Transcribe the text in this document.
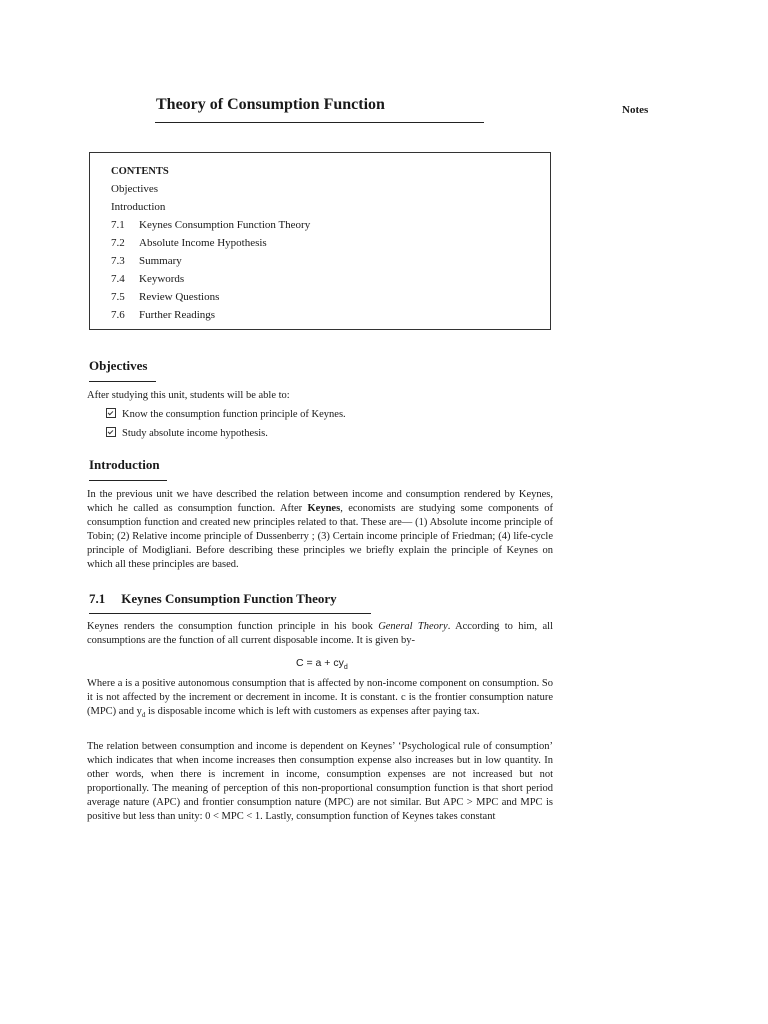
Theory of Consumption Function	Notes
CONTENTS
Objectives
Introduction
7.1 Keynes Consumption Function Theory
7.2 Absolute Income Hypothesis
7.3 Summary
7.4 Keywords
7.5 Review Questions
7.6 Further Readings
Objectives

After studying this unit, students will be able to:

Know the consumption function principle of Keynes.
Study absolute income hypothesis.
Introduction

In the previous unit we have described the relation between income and consumption rendered by Keynes, which he called as consumption function. After Keynes, economists are studying some components of consumption function and created new principles related to that. These are— (1) Absolute income principle of Tobin; (2) Relative income principle of Dussenberry ; (3) Certain income principle of Friedman; (4) life-cycle principle of Modigliani. Before describing these principles we briefly explain the principle of Keynes on which all these principles are based.

7.1 Keynes Consumption Function Theory

Keynes renders the consumption function principle in his book General Theory. According to him, all consumptions are the function of all current disposable income. It is given by-

$C = a + cy_d$

Where a is a positive autonomous consumption that is affected by non-income component on consumption. So it is not affected by the increment or decrement in income. It is constant. c is the frontier consumption nature (MPC) and $y_d$ is disposable income which is left with customers as expenses after paying tax.

The relation between consumption and income is dependent on Keynes’ ‘Psychological rule of consumption’ which indicates that when income increases then consumption expense also increases but in low quantity. In other words, when there is increment in income, consumption expenses are not increased but not proportionally. The meaning of perception of this non-proportional consumption function is that short period average nature (APC) and frontier consumption nature (MPC) are not similar. But APC > MPC and MPC is positive but less than unity: 0 < MPC < 1. Lastly, consumption function of Keynes takes constant
